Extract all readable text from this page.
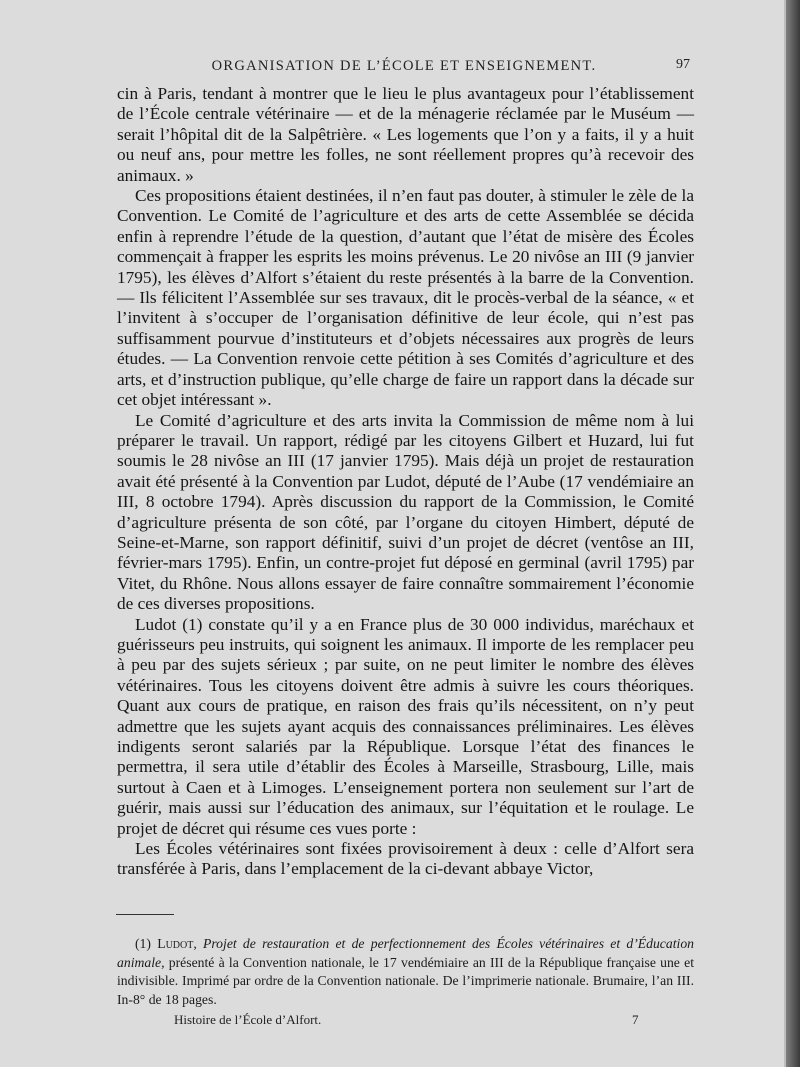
ORGANISATION DE L’ÉCOLE ET ENSEIGNEMENT.	97

cin à Paris, tendant à montrer que le lieu le plus avantageux pour l’établissement de l’École centrale vétérinaire — et de la ménagerie réclamée par le Muséum — serait l’hôpital dit de la Salpêtrière. « Les logements que l’on y a faits, il y a huit ou neuf ans, pour mettre les folles, ne sont réellement propres qu’à recevoir des animaux. »

Ces propositions étaient destinées, il n’en faut pas douter, à stimuler le zèle de la Convention. Le Comité de l’agriculture et des arts de cette Assemblée se décida enfin à reprendre l’étude de la question, d’autant que l’état de misère des Écoles commençait à frapper les esprits les moins prévenus. Le 20 nivôse an III (9 janvier 1795), les élèves d’Alfort s’étaient du reste présentés à la barre de la Convention. — Ils félicitent l’Assemblée sur ses travaux, dit le procès-verbal de la séance, « et l’invitent à s’occuper de l’organisation définitive de leur école, qui n’est pas suffisamment pourvue d’instituteurs et d’objets nécessaires aux progrès de leurs études. — La Convention renvoie cette pétition à ses Comités d’agriculture et des arts, et d’instruction publique, qu’elle charge de faire un rapport dans la décade sur cet objet intéressant ».

Le Comité d’agriculture et des arts invita la Commission de même nom à lui préparer le travail. Un rapport, rédigé par les citoyens Gilbert et Huzard, lui fut soumis le 28 nivôse an III (17 janvier 1795). Mais déjà un projet de restauration avait été présenté à la Convention par Ludot, député de l’Aube (17 vendémiaire an III, 8 octobre 1794). Après discussion du rapport de la Commission, le Comité d’agriculture présenta de son côté, par l’organe du citoyen Himbert, député de Seine-et-Marne, son rapport définitif, suivi d’un projet de décret (ventôse an III, février-mars 1795). Enfin, un contre-projet fut déposé en germinal (avril 1795) par Vitet, du Rhône. Nous allons essayer de faire connaître sommairement l’économie de ces diverses propositions.

Ludot (1) constate qu’il y a en France plus de 30 000 individus, maréchaux et guérisseurs peu instruits, qui soignent les animaux. Il importe de les remplacer peu à peu par des sujets sérieux ; par suite, on ne peut limiter le nombre des élèves vétérinaires. Tous les citoyens doivent être admis à suivre les cours théoriques. Quant aux cours de pratique, en raison des frais qu’ils nécessitent, on n’y peut admettre que les sujets ayant acquis des connaissances préliminaires. Les élèves indigents seront salariés par la République. Lorsque l’état des finances le permettra, il sera utile d’établir des Écoles à Marseille, Strasbourg, Lille, mais surtout à Caen et à Limoges. L’enseignement portera non seulement sur l’art de guérir, mais aussi sur l’éducation des animaux, sur l’équitation et le roulage. Le projet de décret qui résume ces vues porte :

Les Écoles vétérinaires sont fixées provisoirement à deux : celle d’Alfort sera transférée à Paris, dans l’emplacement de la ci-devant abbaye Victor,

(1) Ludot, Projet de restauration et de perfectionnement des Écoles vétérinaires et d’Éducation animale, présenté à la Convention nationale, le 17 vendémiaire an III de la République française une et indivisible. Imprimé par ordre de la Convention nationale. De l’imprimerie nationale. Brumaire, l’an III. In-8° de 18 pages.

Histoire de l’École d’Alfort.	7
